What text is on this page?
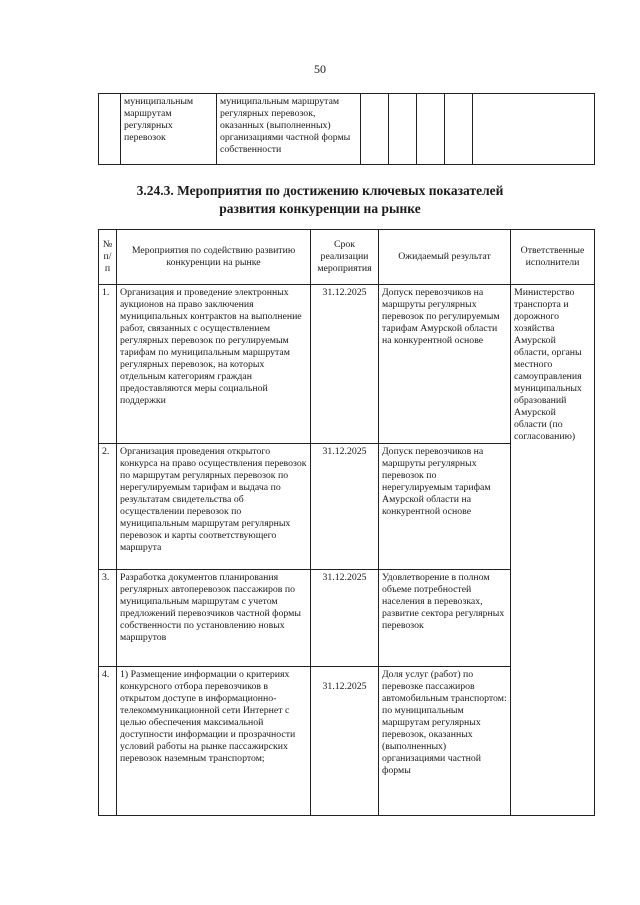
50
	муниципальным маршрутам регулярных перевозок	муниципальным маршрутам регулярных перевозок, оказанных (выполненных) организациями частной формы собственности					
3.24.3. Мероприятия по достижению ключевых показателей
развития конкуренции на рынке
№ п/п	Мероприятия по содействию развитию конкуренции на рынке	Срок реализации мероприятия	Ожидаемый результат	Ответственные исполнители
1.	Организация и проведение электронных аукционов на право заключения муниципальных контрактов на выполнение работ, связанных с осуществлением регулярных перевозок по регулируемым тарифам по муниципальным маршрутам регулярных перевозок, на которых отдельным категориям граждан предоставляются меры социальной поддержки	31.12.2025	Допуск перевозчиков на маршруты регулярных перевозок по регулируемым тарифам Амурской области на конкурентной основе	Министерство транспорта и дорожного хозяйства Амурской области, органы местного самоуправления муниципальных образований Амурской области (по согласованию)
2.	Организация проведения открытого конкурса на право осуществления перевозок по маршрутам регулярных перевозок по нерегулируемым тарифам и выдача по результатам свидетельства об осуществлении перевозок по муниципальным маршрутам регулярных перевозок и карты соответствующего маршрута	31.12.2025	Допуск перевозчиков на маршруты регулярных перевозок по нерегулируемым тарифам Амурской области на конкурентной основе	
3.	Разработка документов планирования регулярных автоперевозок пассажиров по муниципальным маршрутам с учетом предложений перевозчиков частной формы собственности по установлению новых маршрутов	31.12.2025	Удовлетворение в полном объеме потребностей населения в перевозках, развитие сектора регулярных перевозок	
4.	1) Размещение информации о критериях конкурсного отбора перевозчиков в открытом доступе в информационно-телекоммуникационной сети Интернет с целью обеспечения максимальной доступности информации и прозрачности условий работы на рынке пассажирских перевозок наземным транспортом;	31.12.2025	Доля услуг (работ) по перевозке пассажиров автомобильным транспортом: по муниципальным маршрутам регулярных перевозок, оказанных (выполненных) организациями частной формы	
